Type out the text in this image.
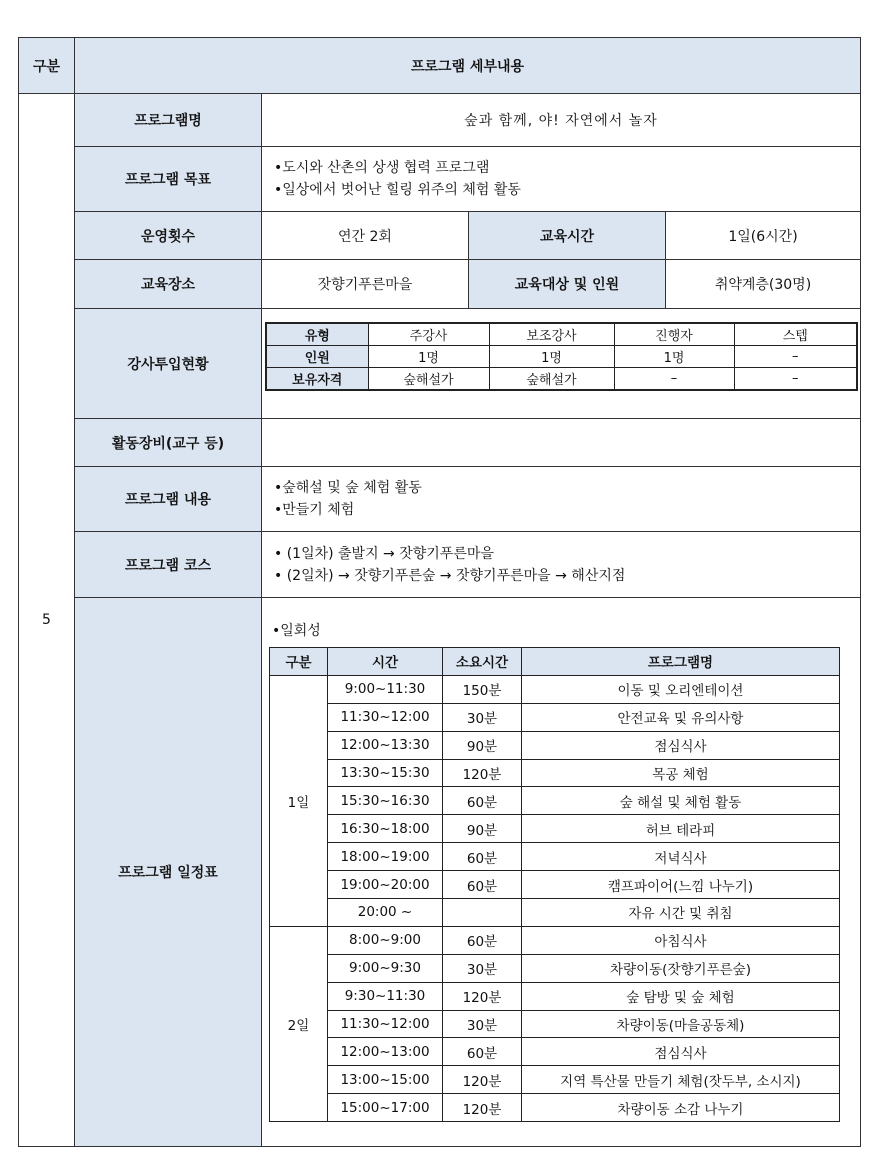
구분	프로그램 세부내용
5
프로그램명	숲과 함께, 야! 자연에서 놀자
프로그램 목표
•도시와 산촌의 상생 협력 프로그램
•일상에서 벗어난 힐링 위주의 체험 활동
운영횟수	연간 2회	교육시간	1일(6시간)
교육장소	잣향기푸른마을	교육대상 및 인원	취약계층(30명)
강사투입현황
유형	주강사	보조강사	진행자	스텝
인원	1명	1명	1명	–
보유자격	숲해설가	숲해설가	–	–
활동장비(교구 등)
프로그램 내용
•숲해설 및 숲 체험 활동
•만들기 체험
프로그램 코스
• (1일차) 출발지 → 잣향기푸른마을
• (2일차) → 잣향기푸른숲 → 잣향기푸른마을 → 해산지점
프로그램 일정표
•일회성
구분	시간	소요시간	프로그램명
1일	9:00~11:30	150분	이동 및 오리엔테이션
	11:30~12:00	30분	안전교육 및 유의사항
	12:00~13:30	90분	점심식사
	13:30~15:30	120분	목공 체험
	15:30~16:30	60분	숲 해설 및 체험 활동
	16:30~18:00	90분	허브 테라피
	18:00~19:00	60분	저녁식사
	19:00~20:00	60분	캠프파이어(느낌 나누기)
	20:00 ~		자유 시간 및 취침
2일	8:00~9:00	60분	아침식사
	9:00~9:30	30분	차량이동(잣향기푸른숲)
	9:30~11:30	120분	숲 탐방 및 숲 체험
	11:30~12:00	30분	차량이동(마을공동체)
	12:00~13:00	60분	점심식사
	13:00~15:00	120분	지역 특산물 만들기 체험(잣두부, 소시지)
	15:00~17:00	120분	차량이동 소감 나누기
